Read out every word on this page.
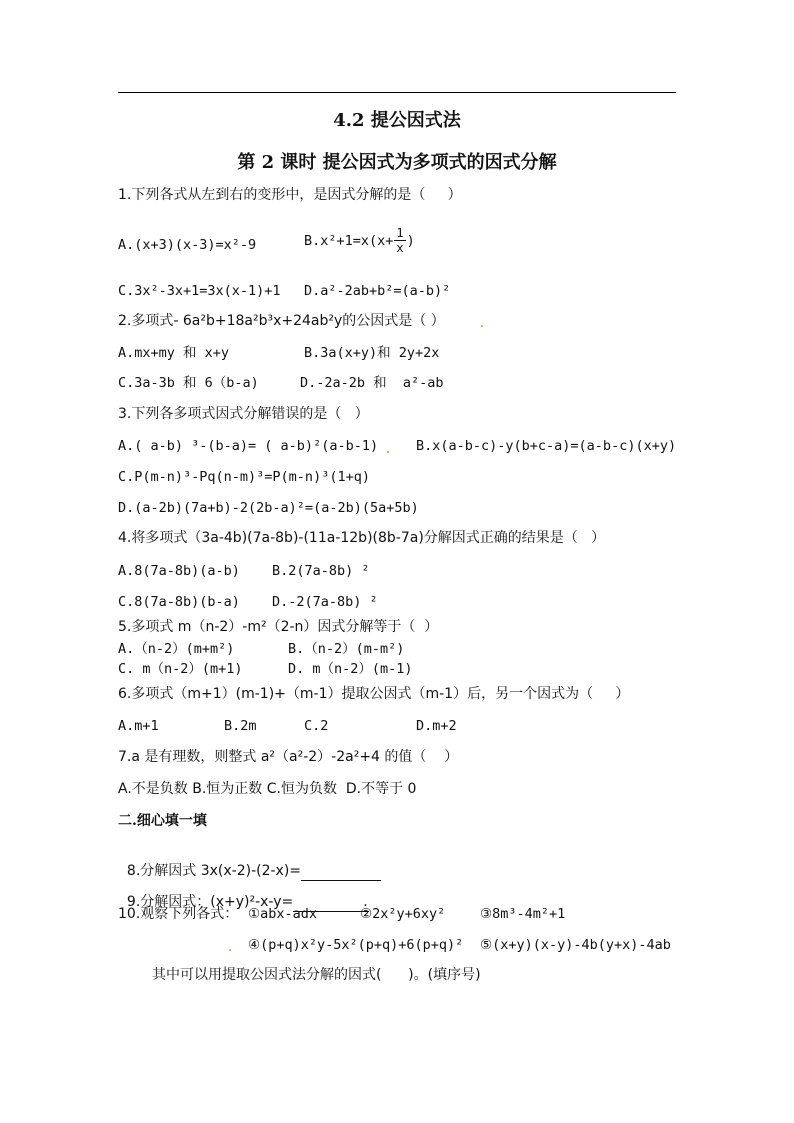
4.2 提公因式法
第 2 课时 提公因式为多项式的因式分解
1.下列各式从左到右的变形中，是因式分解的是（     ）
A.(x+3)(x-3)=x²-9	$B.x^2+1=x(x+ \frac{1}{x}$ )
C.3x²-3x+1=3x(x-1)+1 D.a²-2ab+b²=(a-b)²
2.多项式- 6a²b+18a²b³x+24ab²y的公因式是（ ） .
A.mx+my 和 x+y	B.3a(x+y)和 2y+2x
C.3a-3b 和 6（b-a)	D.-2a-2b 和  a²-ab
3.下列各多项式因式分解错误的是（   ）
A.( a-b) ³-(b-a)= ( a-b)²(a-b-1) . B.x(a-b-c)-y(b+c-a)=(a-b-c)(x+y)
C.P(m-n)³-Pq(n-m)³=P(m-n)³(1+q)
D.(a-2b)(7a+b)-2(2b-a)²=(a-2b)(5a+5b)
4.将多项式（3a-4b)(7a-8b)-(11a-12b)(8b-7a)分解因式正确的结果是（   ）
A.8(7a-8b)(a-b) B.2(7a-8b) ²
C.8(7a-8b)(b-a) D.-2(7a-8b) ²
5.多项式 m（n-2）-m²（2-n）因式分解等于（  ）
A.（n-2）(m+m²)	B.（n-2）(m-m²)
C. m（n-2）(m+1)	D. m（n-2）(m-1)
6.多项式（m+1）(m-1)+（m-1）提取公因式（m-1）后，另一个因式为（     ）
A.m+1	B.2m	C.2	D.m+2
7.a 是有理数，则整式 a²（a²-2）-2a²+4 的值（    ）
A.不是负数 B.恒为正数 C.恒为负数  D.不等于 0
二.细心填一填

8.分解因式 3x(x-2)-(2-x)=

9.分解因式：(x+y)²-x-y=	.

10.观察下列各式： ①abx-adx	②2x²y+6xy²	③8m³-4m²+1
. ④(p+q)x²y-5x²(p+q)+6(p+q)² ⑤(x+y)(x-y)-4b(y+x)-4ab
其中可以用提取公因式法分解的因式(      )。(填序号)
